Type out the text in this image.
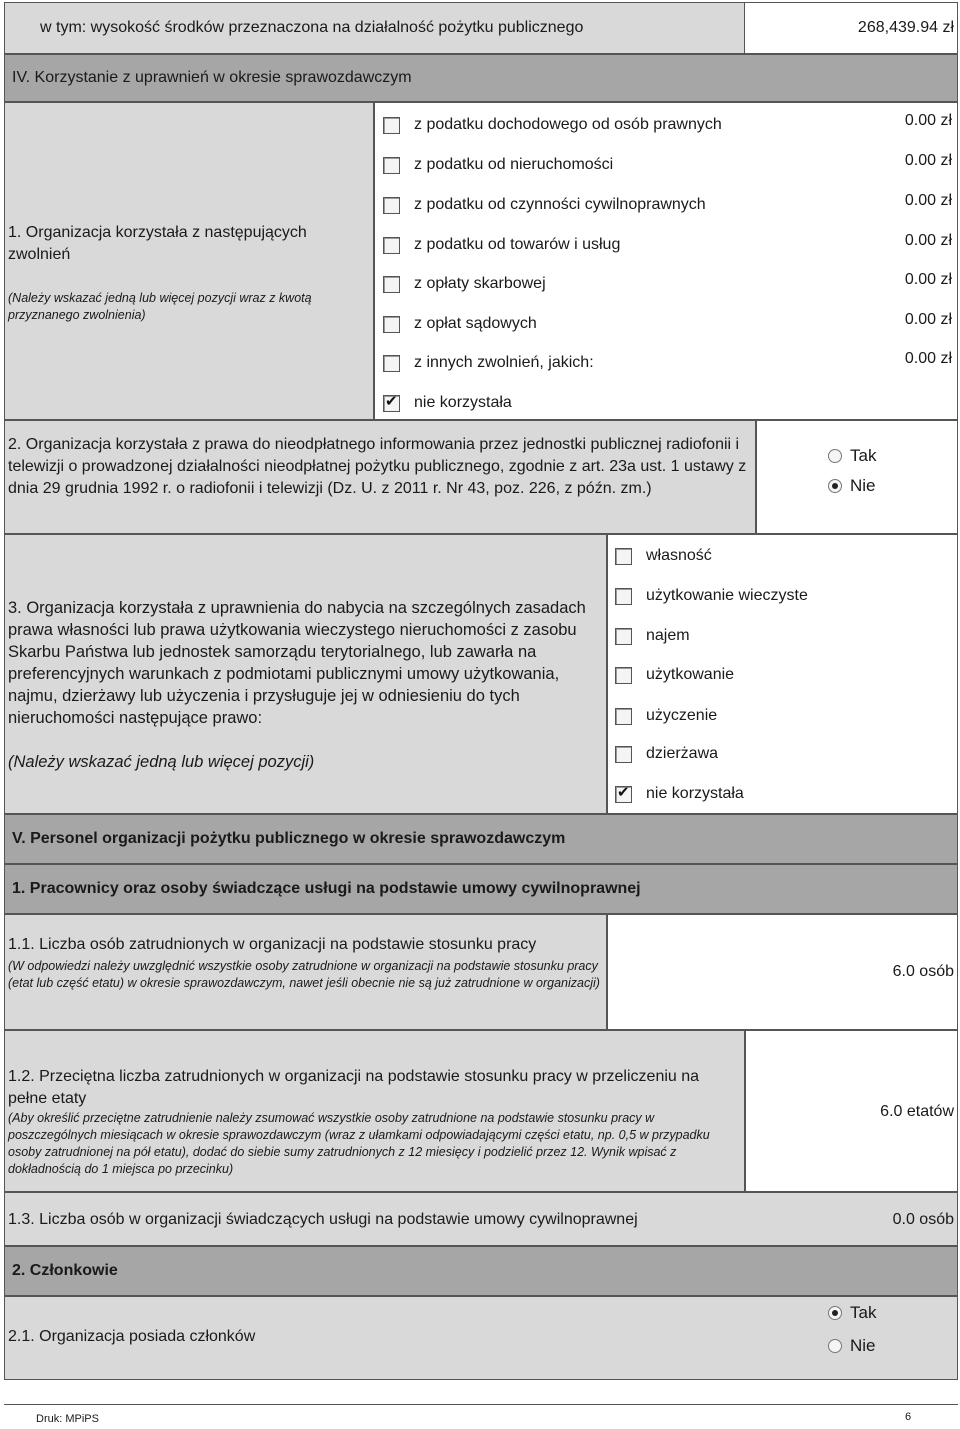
w tym: wysokość środków przeznaczona na działalność pożytku publicznego	268,439.94 zł
IV. Korzystanie z uprawnień w okresie sprawozdawczym
1. Organizacja korzystała z następujących zwolnień
(Należy wskazać jedną lub więcej pozycji wraz z kwotą przyznanego zwolnienia)
z podatku dochodowego od osób prawnych	0.00 zł
z podatku od nieruchomości	0.00 zł
z podatku od czynności cywilnoprawnych	0.00 zł
z podatku od towarów i usług	0.00 zł
z opłaty skarbowej	0.00 zł
z opłat sądowych	0.00 zł
z innych zwolnień, jakich:	0.00 zł
✔
nie korzystała
2. Organizacja korzystała z prawa do nieodpłatnego informowania przez jednostki publicznej radiofonii i telewizji o prowadzonej działalności nieodpłatnej pożytku publicznego, zgodnie z art. 23a ust. 1 ustawy z dnia 29 grudnia 1992 r. o radiofonii i telewizji (Dz. U. z 2011 r. Nr 43, poz. 226, z późn. zm.)
Tak
Nie
3. Organizacja korzystała z uprawnienia do nabycia na szczególnych zasadach prawa własności lub prawa użytkowania wieczystego nieruchomości z zasobu Skarbu Państwa lub jednostek samorządu terytorialnego, lub zawarła na preferencyjnych warunkach z podmiotami publicznymi umowy użytkowania, najmu, dzierżawy lub użyczenia i przysługuje jej w odniesieniu do tych nieruchomości następujące prawo:
(Należy wskazać jedną lub więcej pozycji)
własność
użytkowanie wieczyste
najem
użytkowanie
użyczenie
dzierżawa
✔
nie korzystała
V. Personel organizacji pożytku publicznego w okresie sprawozdawczym
1. Pracownicy oraz osoby świadczące usługi na podstawie umowy cywilnoprawnej
1.1. Liczba osób zatrudnionych w organizacji na podstawie stosunku pracy
(W odpowiedzi należy uwzględnić wszystkie osoby zatrudnione w organizacji na podstawie stosunku pracy (etat lub część etatu) w okresie sprawozdawczym, nawet jeśli obecnie nie są już zatrudnione w organizacji)
6.0 osób
1.2. Przeciętna liczba zatrudnionych w organizacji na podstawie stosunku pracy w przeliczeniu na pełne etaty
(Aby określić przeciętne zatrudnienie należy zsumować wszystkie osoby zatrudnione na podstawie stosunku pracy w poszczególnych miesiącach w okresie sprawozdawczym (wraz z ułamkami odpowiadającymi części etatu, np. 0,5 w przypadku osoby zatrudnionej na pół etatu), dodać do siebie sumy zatrudnionych z 12 miesięcy i podzielić przez 12. Wynik wpisać z dokładnością do 1 miejsca po przecinku)
6.0 etatów
1.3. Liczba osób w organizacji świadczących usługi na podstawie umowy cywilnoprawnej	0.0 osób
2. Członkowie
2.1. Organizacja posiada członków
Tak
Nie
Druk: MPiPS	6
